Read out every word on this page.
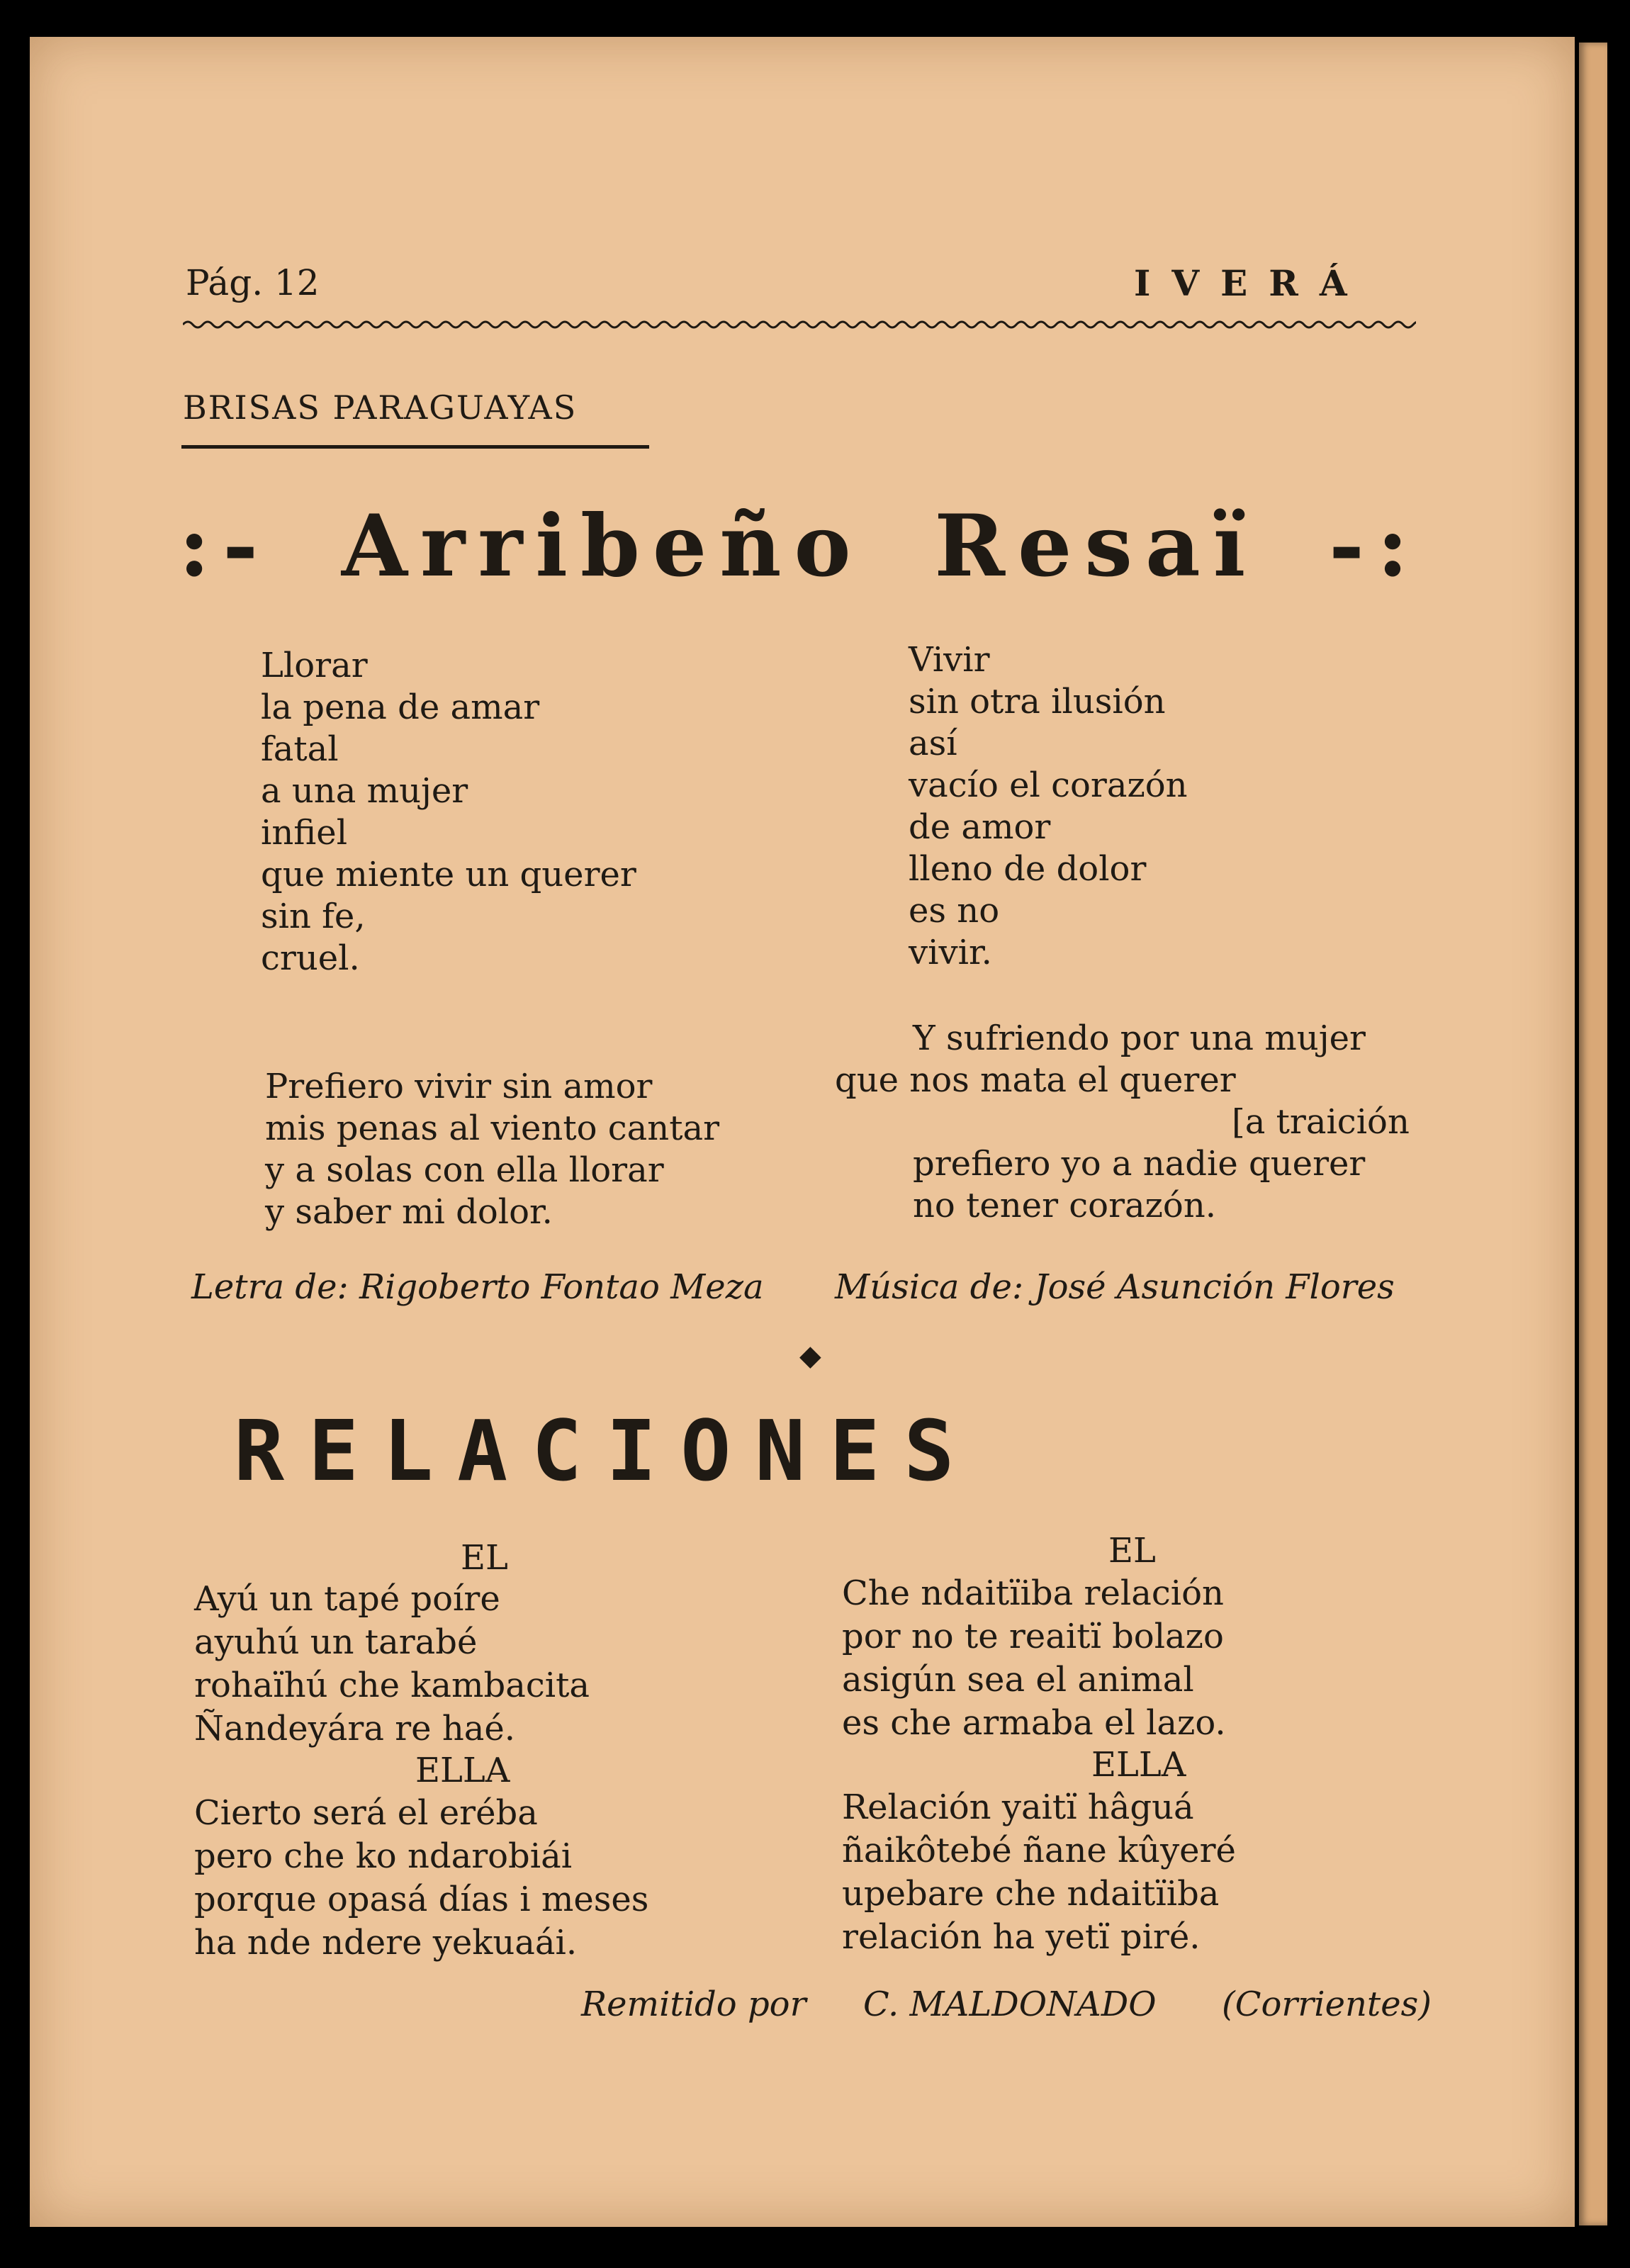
Pág. 12	IVERÁ
BRISAS PARAGUAYAS
:- Arribeño Resaï -:
Llorar
la pena de amar
fatal
a una mujer
infiel
que miente un querer
sin fe,
cruel.
Prefiero vivir sin amor
mis penas al viento cantar
y a solas con ella llorar
y saber mi dolor.
Vivir
sin otra ilusión
así
vacío el corazón
de amor
lleno de dolor
es no
vivir.
Y sufriendo por una mujer
que nos mata el querer
[a traición
prefiero yo a nadie querer
no tener corazón.
Letra de: Rigoberto Fontao Meza Música de: José Asunción Flores
◆
RELACIONES
EL
Ayú un tapé poíre
ayuhú un tarabé
rohaïhú che kambacita
Ñandeyára re haé.
ELLA
Cierto será el eréba
pero che ko ndarobiái
porque opasá días i meses
ha nde ndere yekuaái.
EL
Che ndaitïiba relación
por no te reaitï bolazo
asigún sea el animal
es che armaba el lazo.
ELLA
Relación yaitï hâguá
ñaikôtebé ñane kûyeré
upebare che ndaitïiba
relación ha yetï piré.
Remitido por C. MALDONADO (Corrientes)
